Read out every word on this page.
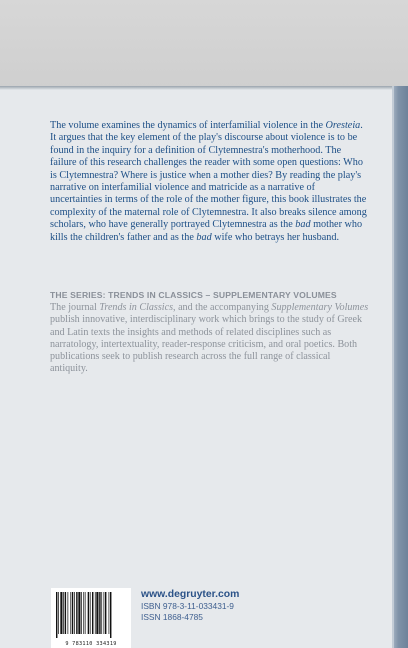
The volume examines the dynamics of interfamilial violence in the Oresteia. It argues that the key element of the play's discourse about violence is to be found in the inquiry for a definition of Clytemnestra's motherhood. The failure of this research challenges the reader with some open questions: Who is Clytemnestra? Where is justice when a mother dies? By reading the play's narrative on interfamilial violence and matricide as a narrative of uncertainties in terms of the role of the mother figure, this book illustrates the complexity of the maternal role of Clytemnestra. It also breaks silence among scholars, who have generally portrayed Clytemnestra as the bad mother who kills the children's father and as the bad wife who betrays her husband.

THE SERIES: TRENDS IN CLASSICS – SUPPLEMENTARY VOLUMES

The journal Trends in Classics, and the accompanying Supplementary Volumes publish innovative, interdisciplinary work which brings to the study of Greek and Latin texts the insights and methods of related disciplines such as narratology, intertextuality, reader-response criticism, and oral poetics. Both publications seek to publish research across the full range of classical antiquity.

9 783110 334319
www.degruyter.com
ISBN 978-3-11-033431-9
ISSN 1868-4785
